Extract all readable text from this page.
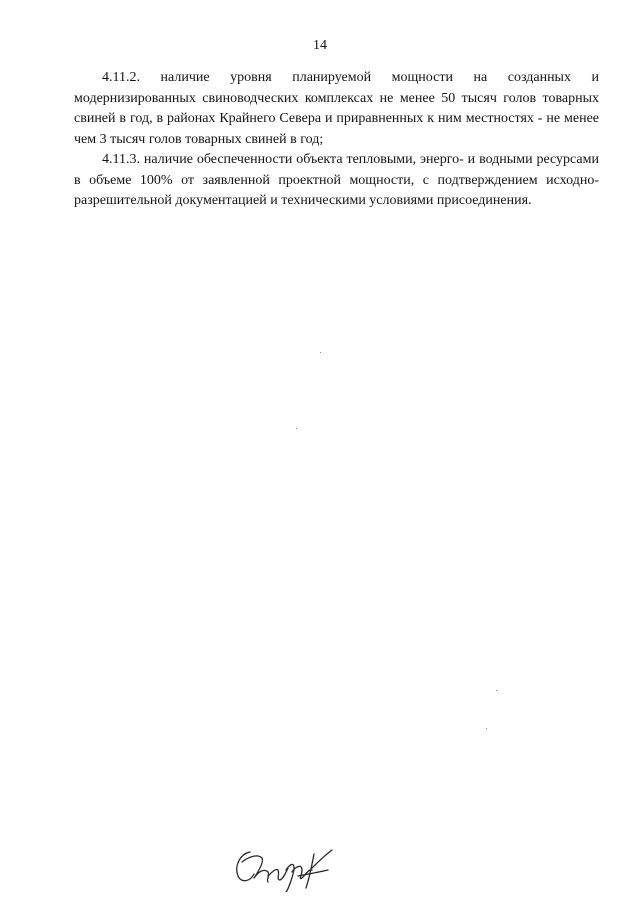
14

4.11.2. наличие уровня планируемой мощности на созданных и модернизированных свиноводческих комплексах не менее 50 тысяч голов товарных свиней в год, в районах Крайнего Севера и приравненных к ним местностях - не менее чем 3 тысяч голов товарных свиней в год;

4.11.3. наличие обеспеченности объекта тепловыми, энерго- и водными ресурсами в объеме 100% от заявленной проектной мощности, с подтверждением исходно-разрешительной документацией и техническими условиями присоединения.
